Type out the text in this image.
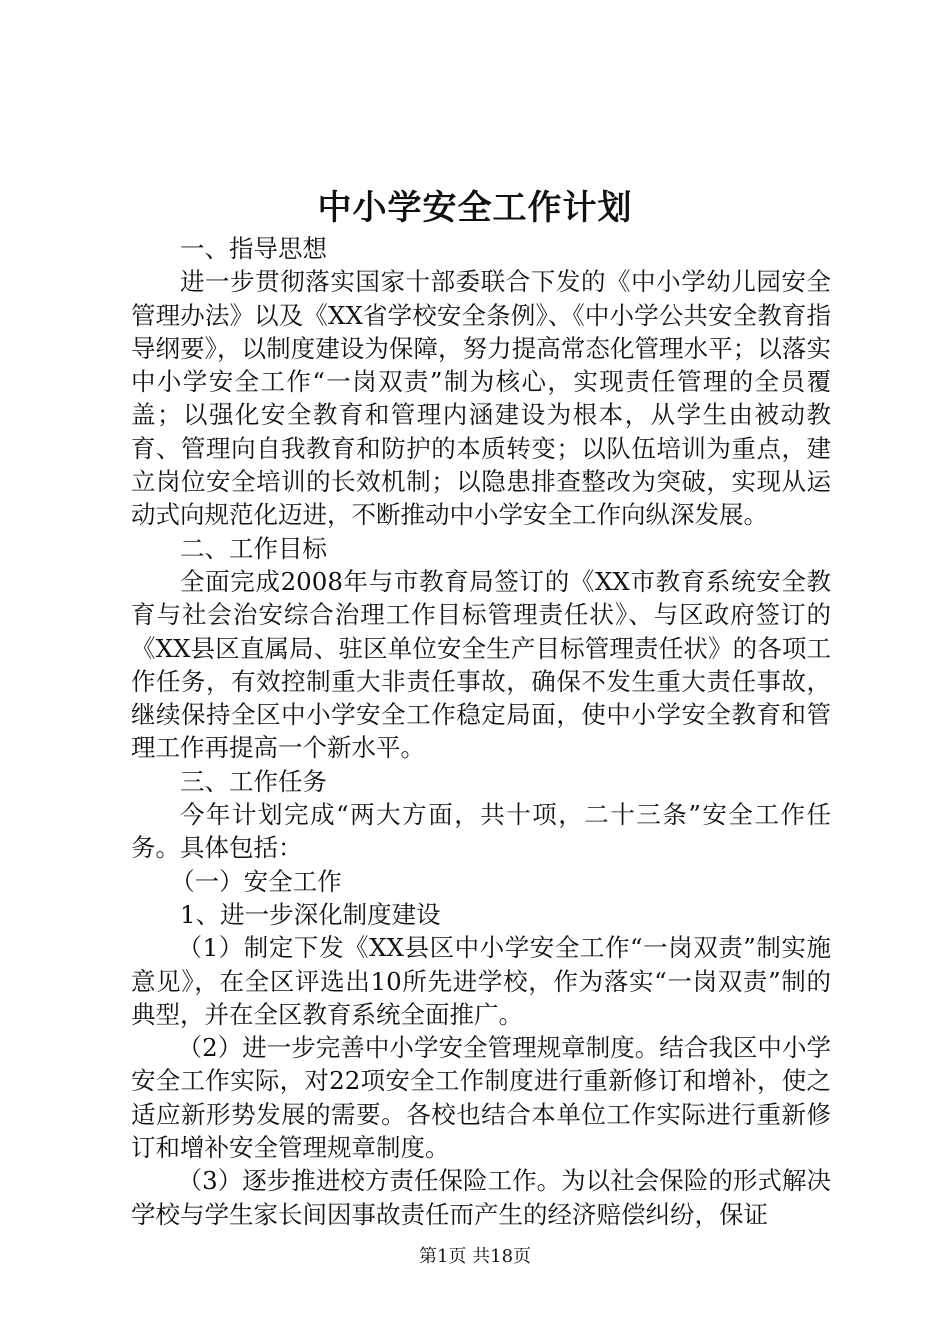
中小学安全工作计划

一、指导思想

进一步贯彻落实国家十部委联合下发的《中小学幼儿园安全管理办法》以及《XX省学校安全条例》、《中小学公共安全教育指导纲要》，以制度建设为保障，努力提高常态化管理水平；以落实中小学安全工作“一岗双责”制为核心，实现责任管理的全员覆盖；以强化安全教育和管理内涵建设为根本，从学生由被动教育、管理向自我教育和防护的本质转变；以队伍培训为重点，建立岗位安全培训的长效机制；以隐患排查整改为突破，实现从运动式向规范化迈进，不断推动中小学安全工作向纵深发展。

二、工作目标

全面完成2008年与市教育局签订的《XX市教育系统安全教育与社会治安综合治理工作目标管理责任状》、与区政府签订的《XX县区直属局、驻区单位安全生产目标管理责任状》的各项工作任务，有效控制重大非责任事故，确保不发生重大责任事故，继续保持全区中小学安全工作稳定局面，使中小学安全教育和管理工作再提高一个新水平。

三、工作任务

今年计划完成“两大方面，共十项，二十三条”安全工作任务。具体包括：

（一）安全工作

1、进一步深化制度建设

（1）制定下发《XX县区中小学安全工作“一岗双责”制实施意见》，在全区评选出10所先进学校，作为落实“一岗双责”制的典型，并在全区教育系统全面推广。

（2）进一步完善中小学安全管理规章制度。结合我区中小学安全工作实际，对22项安全工作制度进行重新修订和增补，使之适应新形势发展的需要。各校也结合本单位工作实际进行重新修订和增补安全管理规章制度。

（3）逐步推进校方责任保险工作。为以社会保险的形式解决学校与学生家长间因事故责任而产生的经济赔偿纠纷，保证

第1页 共18页
